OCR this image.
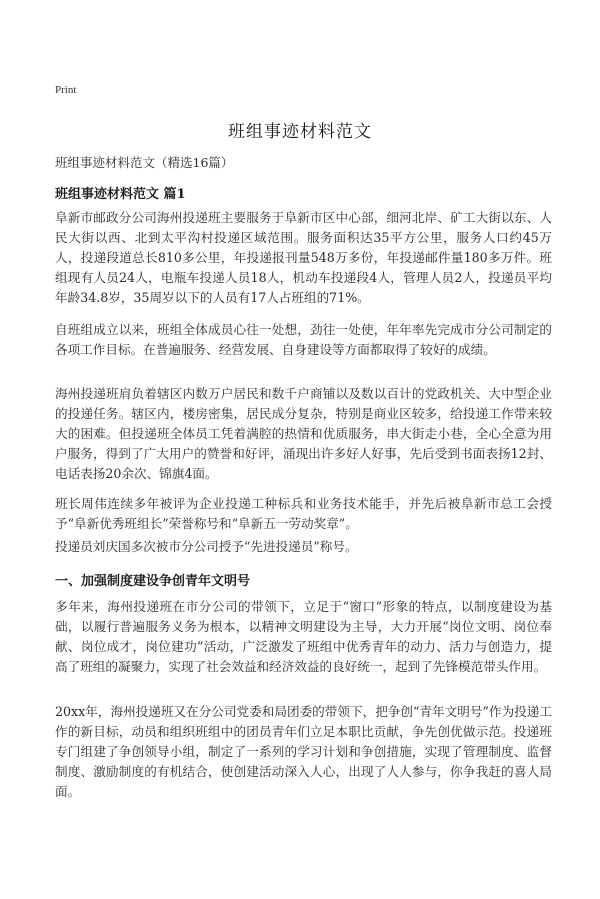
Print
班组事迹材料范文
班组事迹材料范文（精选16篇）
班组事迹材料范文 篇1
阜新市邮政分公司海州投递班主要服务于阜新市区中心部，细河北岸、矿工大街以东、人民大街以西、北到太平沟村投递区域范围。服务面积达35平方公里，服务人口约45万人，投递段道总长810多公里，年投递报刊量548万多份，年投递邮件量180多万件。班组现有人员24人，电瓶车投递人员18人，机动车投递段4人，管理人员2人，投递员平均年龄34.8岁，35周岁以下的人员有17人占班组的71%。
自班组成立以来，班组全体成员心往一处想，劲往一处使，年年率先完成市分公司制定的各项工作目标。在普遍服务、经营发展、自身建设等方面都取得了较好的成绩。
海州投递班肩负着辖区内数万户居民和数千户商铺以及数以百计的党政机关、大中型企业的投递任务。辖区内，楼房密集，居民成分复杂，特别是商业区较多，给投递工作带来较大的困难。但投递班全体员工凭着满腔的热情和优质服务，串大街走小巷，全心全意为用户服务，得到了广大用户的赞誉和好评，涌现出许多好人好事，先后受到书面表扬12封、电话表扬20余次、锦旗4面。
班长周伟连续多年被评为企业投递工种标兵和业务技术能手，并先后被阜新市总工会授予“阜新优秀班组长”荣誉称号和“阜新五一劳动奖章”。
投递员刘庆国多次被市分公司授予“先进投递员”称号。
一、加强制度建设争创青年文明号
多年来，海州投递班在市分公司的带领下，立足于“窗口”形象的特点，以制度建设为基础，以履行普遍服务义务为根本，以精神文明建设为主导，大力开展“岗位文明、岗位奉献、岗位成才，岗位建功”活动，广泛激发了班组中优秀青年的动力、活力与创造力，提高了班组的凝聚力，实现了社会效益和经济效益的良好统一，起到了先锋模范带头作用。
20xx年，海州投递班又在分公司党委和局团委的带领下，把争创“青年文明号”作为投递工作的新目标，动员和组织班组中的团员青年们立足本职比贡献，争先创优做示范。投递班专门组建了争创领导小组，制定了一系列的学习计划和争创措施，实现了管理制度、监督制度、激励制度的有机结合，使创建活动深入人心，出现了人人参与，你争我赶的喜人局面。
